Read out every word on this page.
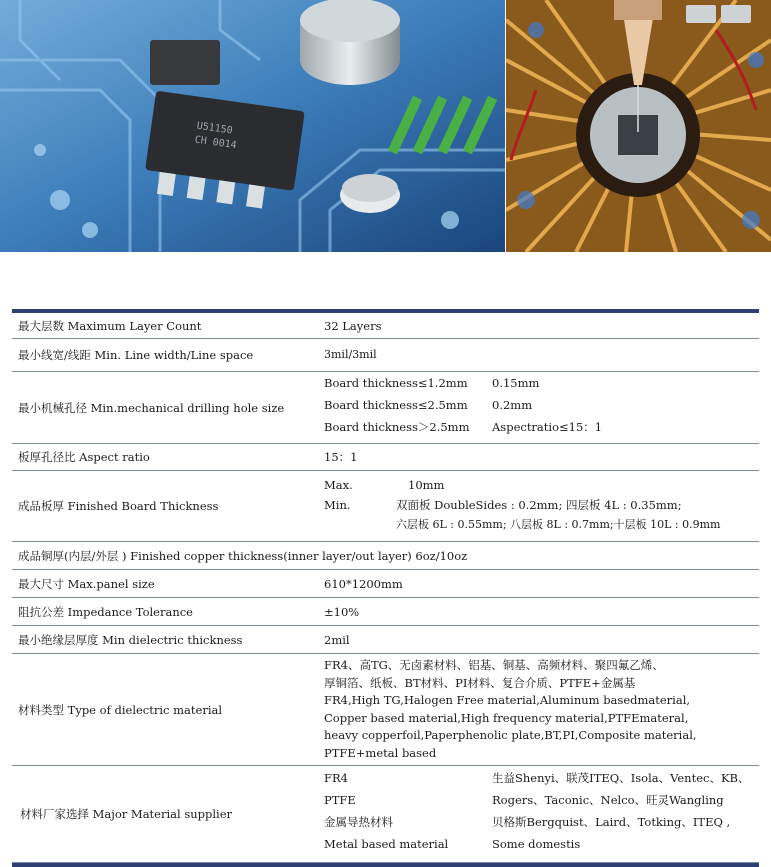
U51150
CH 0014
最大层数 Maximum Layer Count	32 Layers
最小线宽/线距 Min. Line width/Line space	3mil/3mil
最小机械孔径 Min.mechanical drilling hole size
Board thickness≤1.2mm 0.15mm
Board thickness≤2.5mm 0.2mm
Board thickness＞2.5mm Aspectratio≤15：1
板厚孔径比 Aspect ratio	15：1
成品板厚 Finished Board Thickness
Max.	10mm
Min.	双面板 DoubleSides : 0.2mm; 四层板 4L : 0.35mm;
六层板 6L : 0.55mm; 八层板 8L : 0.7mm;十层板 10L : 0.9mm
成品铜厚(内层/外层 ) Finished copper thickness(inner layer/out layer) 6oz/10oz
最大尺寸 Max.panel size	610*1200mm
阻抗公差 Impedance Tolerance	±10%
最小绝缘层厚度 Min dielectric thickness	2mil
材料类型 Type of dielectric material
FR4、高TG、无卤素材料、铝基、铜基、高频材料、聚四氟乙烯、
厚铜箔、纸板、BT材料、PI材料、复合介质、PTFE+金属基
FR4,High TG,Halogen Free material,Aluminum basedmaterial,
Copper based material,High frequency material,PTFEmateral,
heavy copperfoil,Paperphenolic plate,BT,PI,Composite material,
PTFE+metal based
材料厂家选择 Major Material supplier
FR4	生益Shenyi、联茂ITEQ、Isola、Ventec、KB、
PTFE	Rogers、Taconic、Nelco、旺灵Wangling
金属导热材料	贝格斯Bergquist、Laird、Totking、ITEQ ,
Metal based material	Some domestis
